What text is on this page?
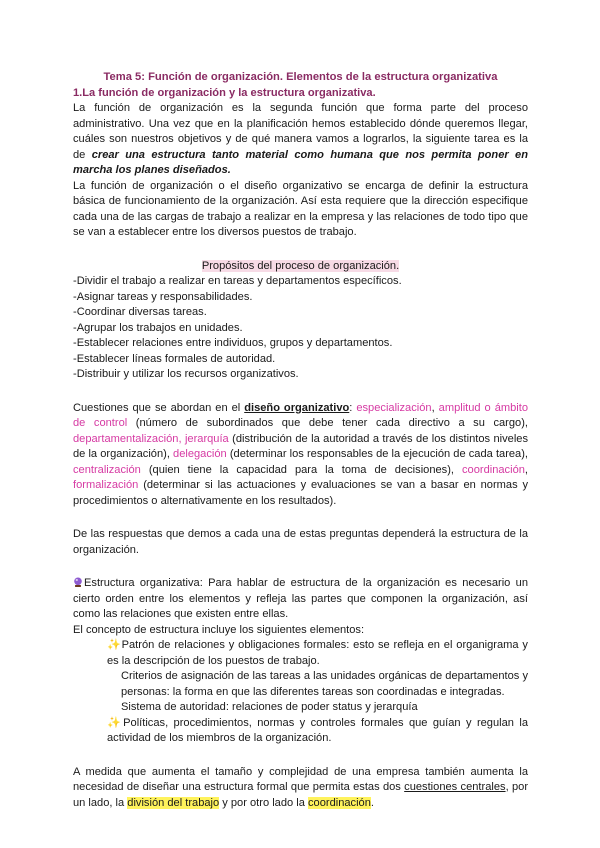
Tema 5: Función de organización. Elementos de la estructura organizativa
1.La función de organización y la estructura organizativa.

La función de organización es la segunda función que forma parte del proceso administrativo. Una vez que en la planificación hemos establecido dónde queremos llegar, cuáles son nuestros objetivos y de qué manera vamos a lograrlos, la siguiente tarea es la de crear una estructura tanto material como humana que nos permita poner en marcha los planes diseñados.

La función de organización o el diseño organizativo se encarga de definir la estructura básica de funcionamiento de la organización. Así esta requiere que la dirección especifique cada una de las cargas de trabajo a realizar en la empresa y las relaciones de todo tipo que se van a establecer entre los diversos puestos de trabajo.

Propósitos del proceso de organización.
-Dividir el trabajo a realizar en tareas y departamentos específicos.
-Asignar tareas y responsabilidades.
-Coordinar diversas tareas.
-Agrupar los trabajos en unidades.
-Establecer relaciones entre individuos, grupos y departamentos.
-Establecer líneas formales de autoridad.
-Distribuir y utilizar los recursos organizativos.

Cuestiones que se abordan en el diseño organizativo: especialización, amplitud o ámbito de control (número de subordinados que debe tener cada directivo a su cargo), departamentalización, jerarquía (distribución de la autoridad a través de los distintos niveles de la organización), delegación (determinar los responsables de la ejecución de cada tarea), centralización (quien tiene la capacidad para la toma de decisiones), coordinación, formalización (determinar si las actuaciones y evaluaciones se van a basar en normas y procedimientos o alternativamente en los resultados).

De las respuestas que demos a cada una de estas preguntas dependerá la estructura de la organización.

Estructura organizativa: Para hablar de estructura de la organización es necesario un cierto orden entre los elementos y refleja las partes que componen la organización, así como las relaciones que existen entre ellas.

El concepto de estructura incluye los siguientes elementos:
✨Patrón de relaciones y obligaciones formales: esto se refleja en el organigrama y es la descripción de los puestos de trabajo.
Criterios de asignación de las tareas a las unidades orgánicas de departamentos y personas: la forma en que las diferentes tareas son coordinadas e integradas.
Sistema de autoridad: relaciones de poder status y jerarquía
✨Políticas, procedimientos, normas y controles formales que guían y regulan la actividad de los miembros de la organización.

A medida que aumenta el tamaño y complejidad de una empresa también aumenta la necesidad de diseñar una estructura formal que permita estas dos cuestiones centrales, por un lado, la división del trabajo y por otro lado la coordinación.
